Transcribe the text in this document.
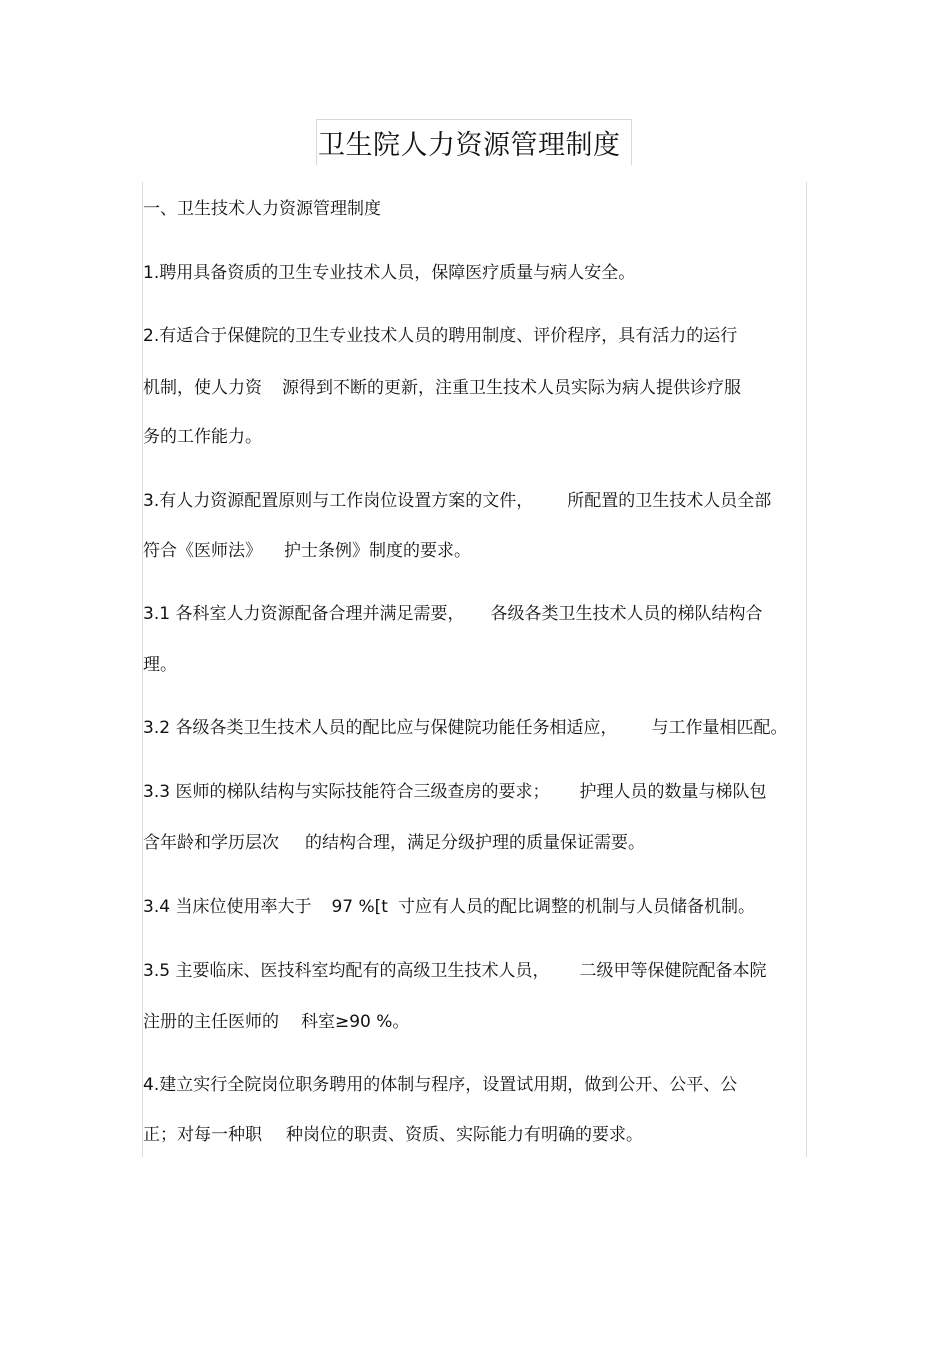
卫生院人力资源管理制度
一、卫生技术人力资源管理制度
1.聘用具备资质的卫生专业技术人员，保障医疗质量与病人安全。
2.有适合于保健院的卫生专业技术人员的聘用制度、评价程序，具有活力的运行
机制，使人力资 源得到不断的更新，注重卫生技术人员实际为病人提供诊疗服
务的工作能力。
3.有人力资源配置原则与工作岗位设置方案的文件， 所配置的卫生技术人员全部
符合《医师法》 护士条例》制度的要求。
3.1 各科室人力资源配备合理并满足需要， 各级各类卫生技术人员的梯队结构合
理。
3.2 各级各类卫生技术人员的配比应与保健院功能任务相适应， 与工作量相匹配。
3.3 医师的梯队结构与实际技能符合三级查房的要求； 护理人员的数量与梯队包
含年龄和学历层次 的结构合理，满足分级护理的质量保证需要。
3.4 当床位使用率大于 97 %[t 寸应有人员的配比调整的机制与人员储备机制。
3.5 主要临床、医技科室均配有的高级卫生技术人员， 二级甲等保健院配备本院
注册的主任医师的 科室≥90 %。
4.建立实行全院岗位职务聘用的体制与程序，设置试用期，做到公开、公平、公
正；对每一种职 种岗位的职责、资质、实际能力有明确的要求。
